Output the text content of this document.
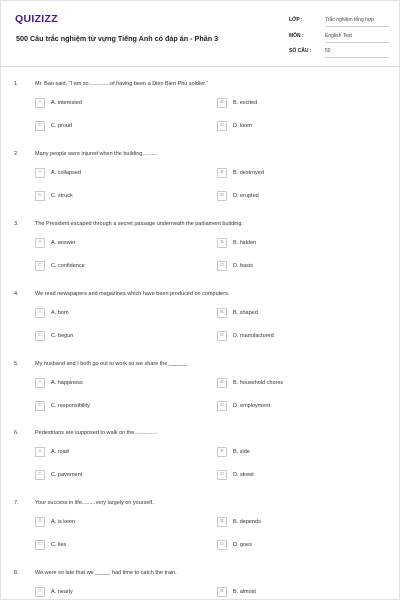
QUIZIZZ
500 Câu trắc nghiệm từ vựng Tiếng Anh có đáp án - Phần 3
LỚP :	Trắc nghiệm tổng hợp
MÔN :	English Test
SỐ CÂU :	50
1.	Mr. Bao said, "I am so..............of having been a Dien Bien Phu soldier."
A	A. interested	B	B. excited
C	C. proud	D	D. keen
2.	Many people were injured when the building..........
A	A. collapsed	B	B. destroyed
C	C. struck	D	D. erupted
3.	The President escaped through a secret passage underneath the parliament building.
A	A. answer	B	B. hidden
C	C. confidence	D	D. basis
4.	We read newspapers and magazines which have been produced on computers.
A	A. born	B	B. shaped
C	C. begun	D	D. manufactured
5.	My husband and I both go out to work so we share the ______
A	A. happiness	B	B. household chores
C	C. responsibility	D	D. employment
6.	Pedestrians are supposed to walk on the...............
A	A. road	B	B. side
C	C. pavement	D	D. street
7.	Your success in life.........very largely on yourself.
A	A. is keen	B	B. depends
C	C. lies	D	D. goes
8.	We were so late that we _____ had time to catch the train.
A	A. nearly	B	B. almost
